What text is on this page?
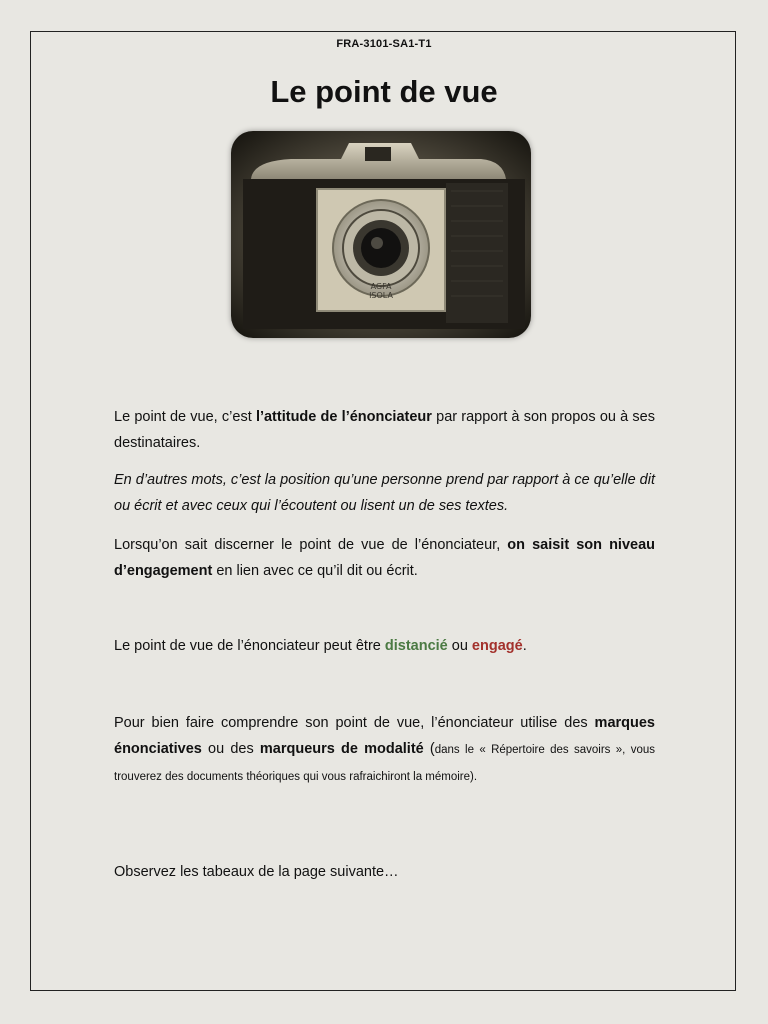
FRA-3101-SA1-T1
Le point de vue
AGFA
ISOLA

Le point de vue, c’est l’attitude de l’énonciateur par rapport à son propos ou à ses destinataires.

En d’autres mots, c’est la position qu’une personne prend par rapport à ce qu’elle dit ou écrit et avec ceux qui l’écoutent ou lisent un de ses textes.

Lorsqu’on sait discerner le point de vue de l’énonciateur, on saisit son niveau d’engagement en lien avec ce qu’il dit ou écrit.

Le point de vue de l’énonciateur peut être distancié ou engagé.

Pour bien faire comprendre son point de vue, l’énonciateur utilise des marques énonciatives ou des marqueurs de modalité (dans le « Répertoire des savoirs », vous trouverez des documents théoriques qui vous rafraichiront la mémoire).

Observez les tabeaux de la page suivante…
